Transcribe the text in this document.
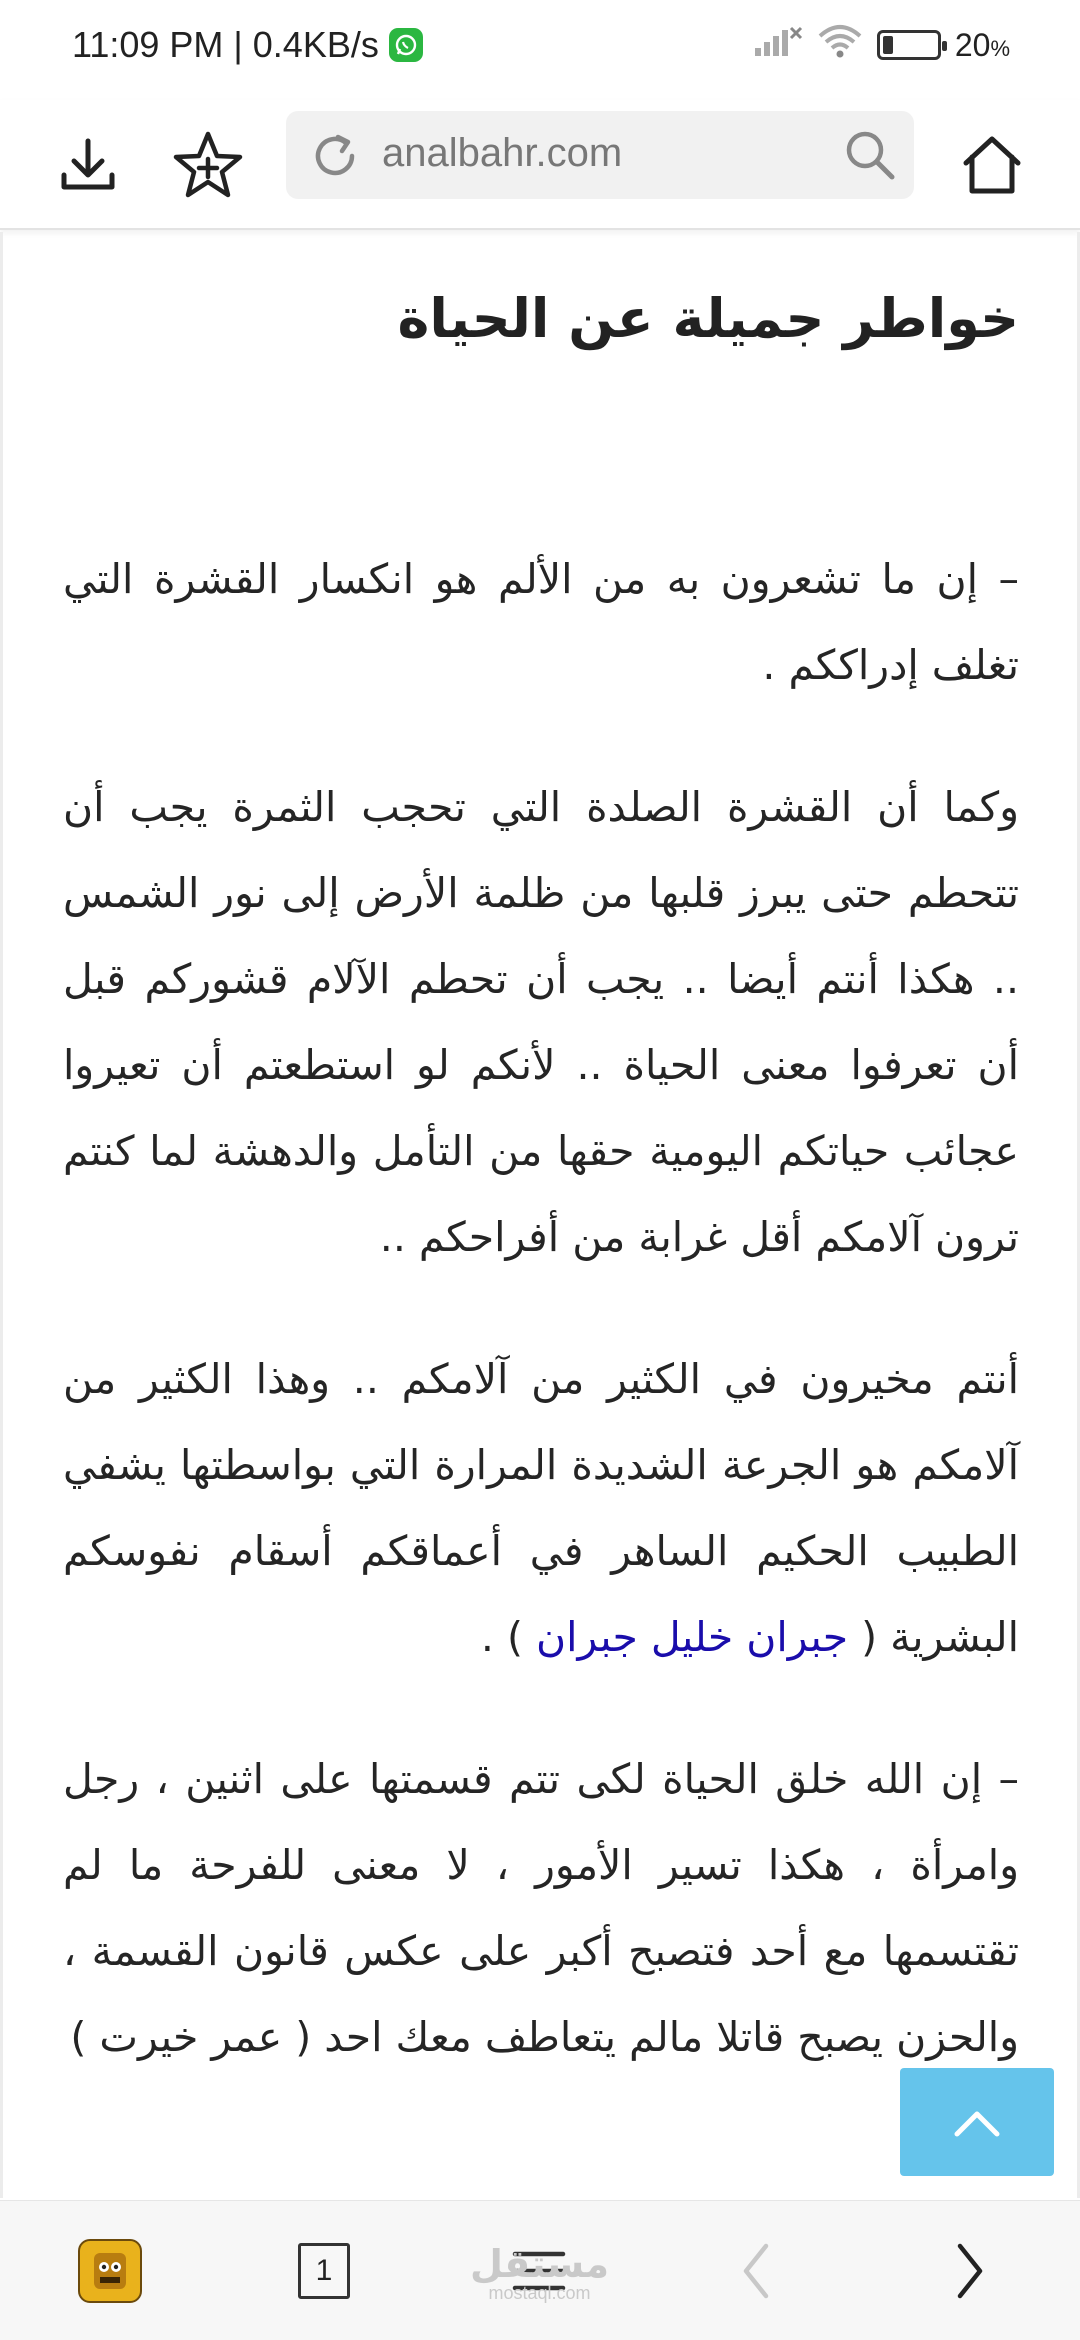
11:09 PM | 0.4KB/s	20%
analbahr.com
خواطر جميلة عن الحياة

– إن ما تشعرون به من الألم هو انكسار القشرة التي تغلف إدراككم .

وكما أن القشرة الصلدة التي تحجب الثمرة يجب أن تتحطم حتى يبرز قلبها من ظلمة الأرض إلى نور الشمس .. هكذا أنتم أيضا .. يجب أن تحطم الآلام قشوركم قبل أن تعرفوا معنى الحياة .. لأنكم لو استطعتم أن تعيروا عجائب حياتكم اليومية حقها من التأمل والدهشة لما كنتم ترون آلامكم أقل غرابة من أفراحكم ..

أنتم مخيرون في الكثير من آلامكم .. وهذا الكثير من آلامكم هو الجرعة الشديدة المرارة التي بواسطتها يشفي الطبيب الحكيم الساهر في أعماقكم أسقام نفوسكم البشرية ( جبران خليل جبران ) .

– إن الله خلق الحياة لكى تتم قسمتها على اثنين ، رجل وامرأة ، هكذا تسير الأمور ، لا معنى للفرحة ما لم تقتسمها مع أحد فتصبح أكبر على عكس قانون القسمة ، والحزن يصبح قاتلا مالم يتعاطف معك احد ( عمر خيرت )

1	مستقل
mostaql.com
